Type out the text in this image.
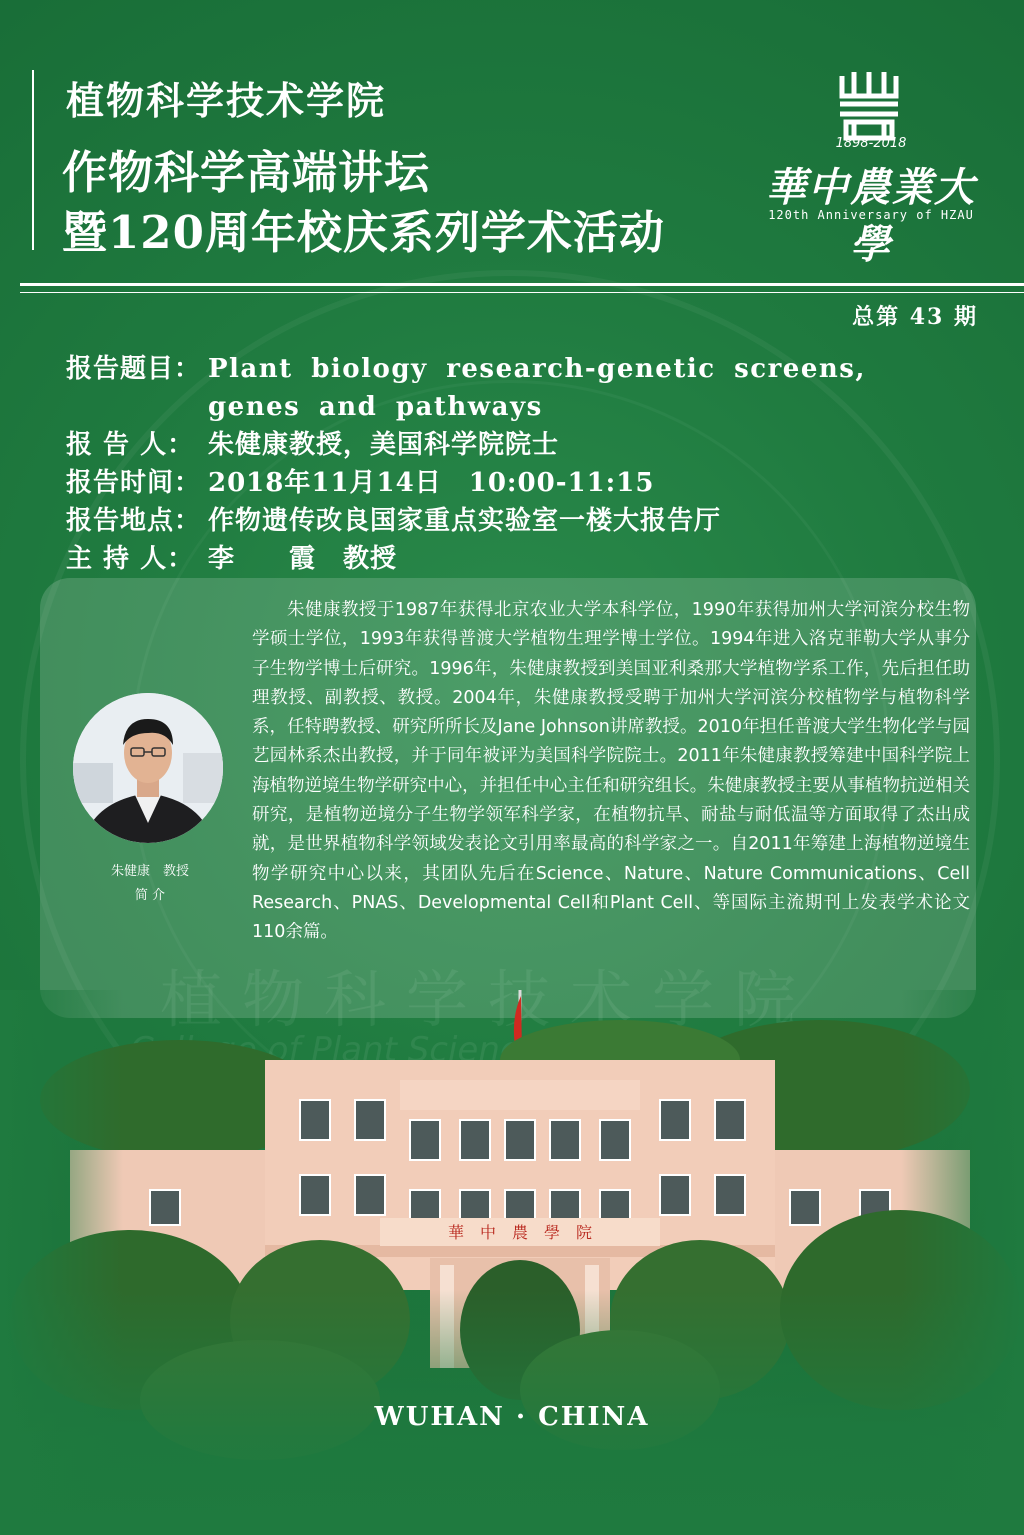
植物科学技术学院
作物科学高端讲坛
暨120周年校庆系列学术活动
1898-2018
華中農業大學
120th Anniversary of HZAU
总第 43 期
报告题目： Plant biology research-genetic screens, genes and pathways
报 告 人： 朱健康教授，美国科学院院士
报告时间： 2018年11月14日　10:00-11:15
报告地点： 作物遗传改良国家重点实验室一楼大报告厅
主 持 人： 李　　霞　教授
朱健康　教授
简 介

朱健康教授于1987年获得北京农业大学本科学位，1990年获得加州大学河滨分校生物学硕士学位，1993年获得普渡大学植物生理学博士学位。1994年进入洛克菲勒大学从事分子生物学博士后研究。1996年，朱健康教授到美国亚利桑那大学植物学系工作，先后担任助理教授、副教授、教授。2004年，朱健康教授受聘于加州大学河滨分校植物学与植物科学系，任特聘教授、研究所所长及Jane Johnson讲席教授。2010年担任普渡大学生物化学与园艺园林系杰出教授，并于同年被评为美国科学院院士。2011年朱健康教授筹建中国科学院上海植物逆境生物学研究中心，并担任中心主任和研究组长。朱健康教授主要从事植物抗逆相关研究，是植物逆境分子生物学领军科学家，在植物抗旱、耐盐与耐低温等方面取得了杰出成就，是世界植物科学领域发表论文引用率最高的科学家之一。自2011年筹建上海植物逆境生物学研究中心以来，其团队先后在Science、Nature、Nature Communications、Cell Research、PNAS、Developmental Cell和Plant Cell、等国际主流期刊上发表学术论文110余篇。

WUHAN · CHINA
